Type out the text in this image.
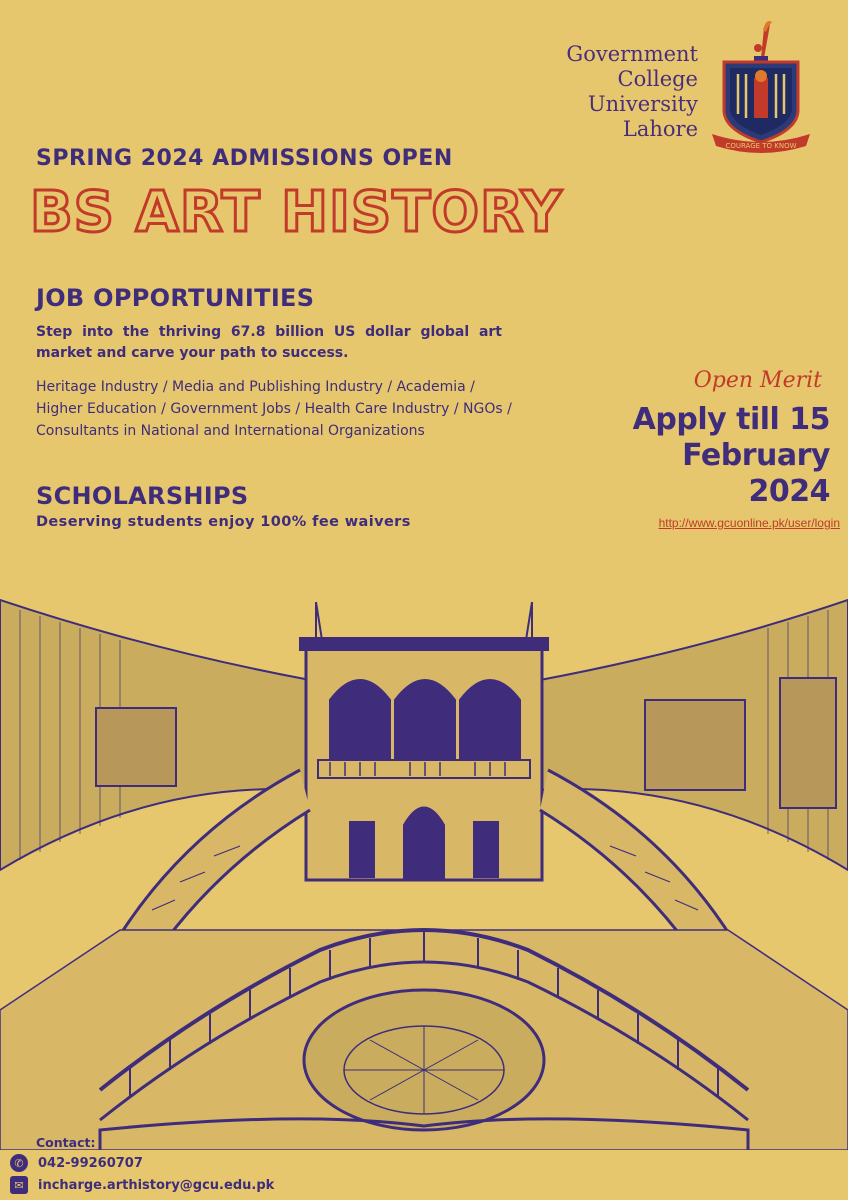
Government
College
University
Lahore
COURAGE TO KNOW
SPRING 2024 ADMISSIONS OPEN
BS ART HISTORY
JOB OPPORTUNITIES
Step into the thriving 67.8 billion US dollar global art market and carve your path to success.
Heritage Industry / Media and Publishing Industry / Academia / Higher Education / Government Jobs / Health Care Industry / NGOs / Consultants in National and International Organizations
SCHOLARSHIPS
Deserving students enjoy 100% fee waivers
Open Merit
Apply till 15
February
2024
http://www.gcuonline.pk/user/login
Contact:
✆	042-99260707
✉	incharge.arthistory@gcu.edu.pk
